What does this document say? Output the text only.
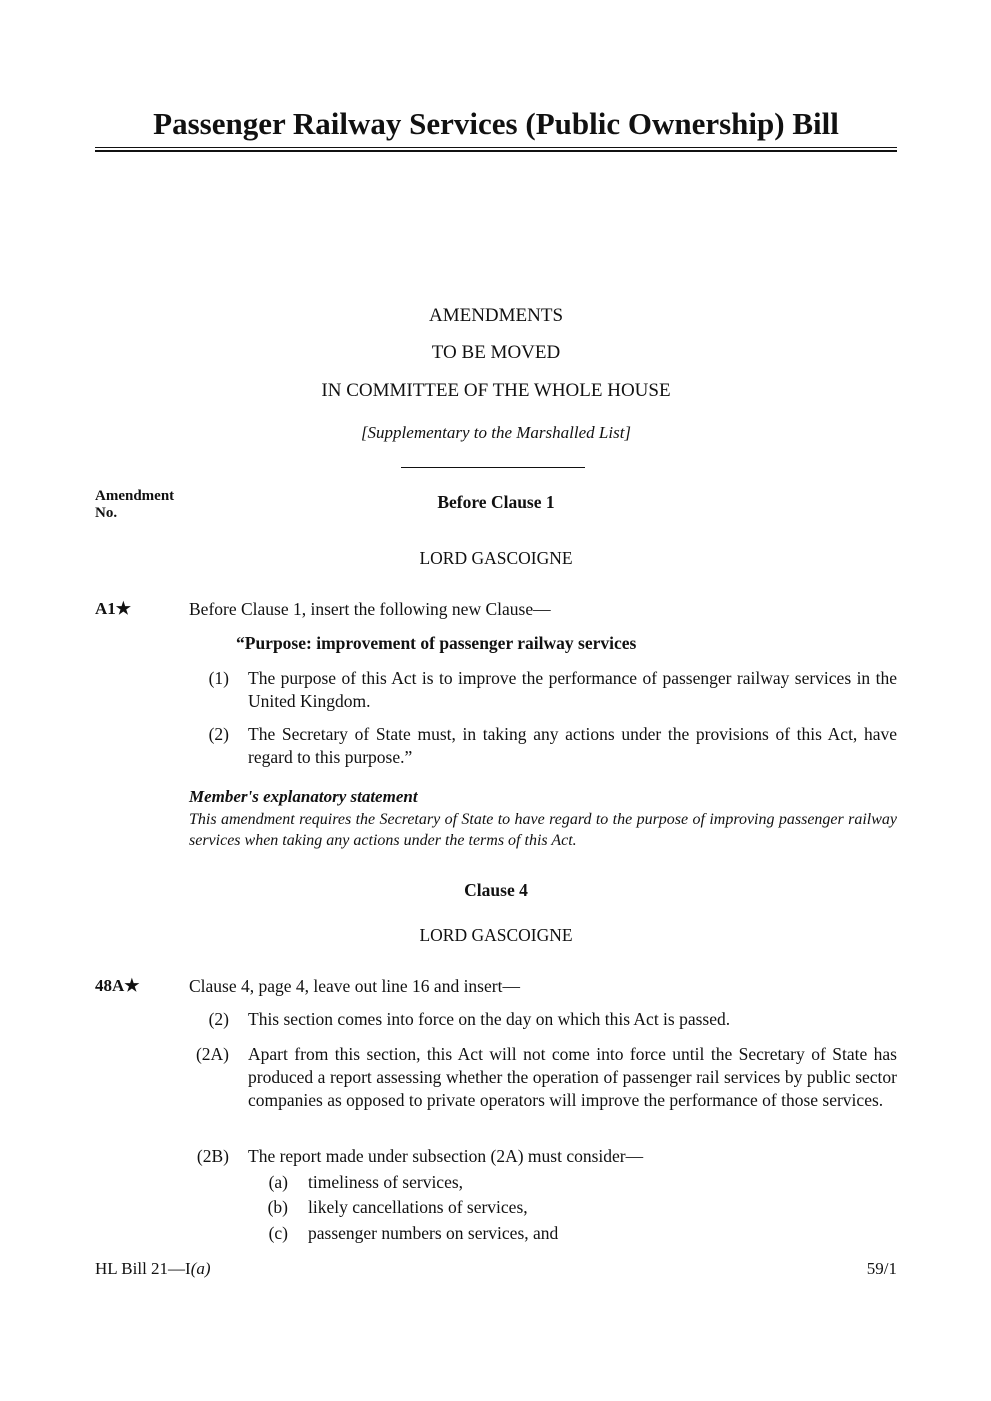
Passenger Railway Services (Public Ownership) Bill
AMENDMENTS
TO BE MOVED
IN COMMITTEE OF THE WHOLE HOUSE
[Supplementary to the Marshalled List]
Amendment
No.
Before Clause 1
LORD GASCOIGNE
A1★	Before Clause 1, insert the following new Clause—
“Purpose: improvement of passenger railway services
(1) The purpose of this Act is to improve the performance of passenger railway services in the United Kingdom.
(2) The Secretary of State must, in taking any actions under the provisions of this Act, have regard to this purpose.”
Member's explanatory statement
This amendment requires the Secretary of State to have regard to the purpose of improving passenger railway services when taking any actions under the terms of this Act.
Clause 4
LORD GASCOIGNE
48A★	Clause 4, page 4, leave out line 16 and insert—
(2) This section comes into force on the day on which this Act is passed.
(2A) Apart from this section, this Act will not come into force until the Secretary of State has produced a report assessing whether the operation of passenger rail services by public sector companies as opposed to private operators will improve the performance of those services.
(2B) The report made under subsection (2A) must consider—
(a) timeliness of services,
(b) likely cancellations of services,
(c) passenger numbers on services, and
HL Bill 21—I(a)	59/1
